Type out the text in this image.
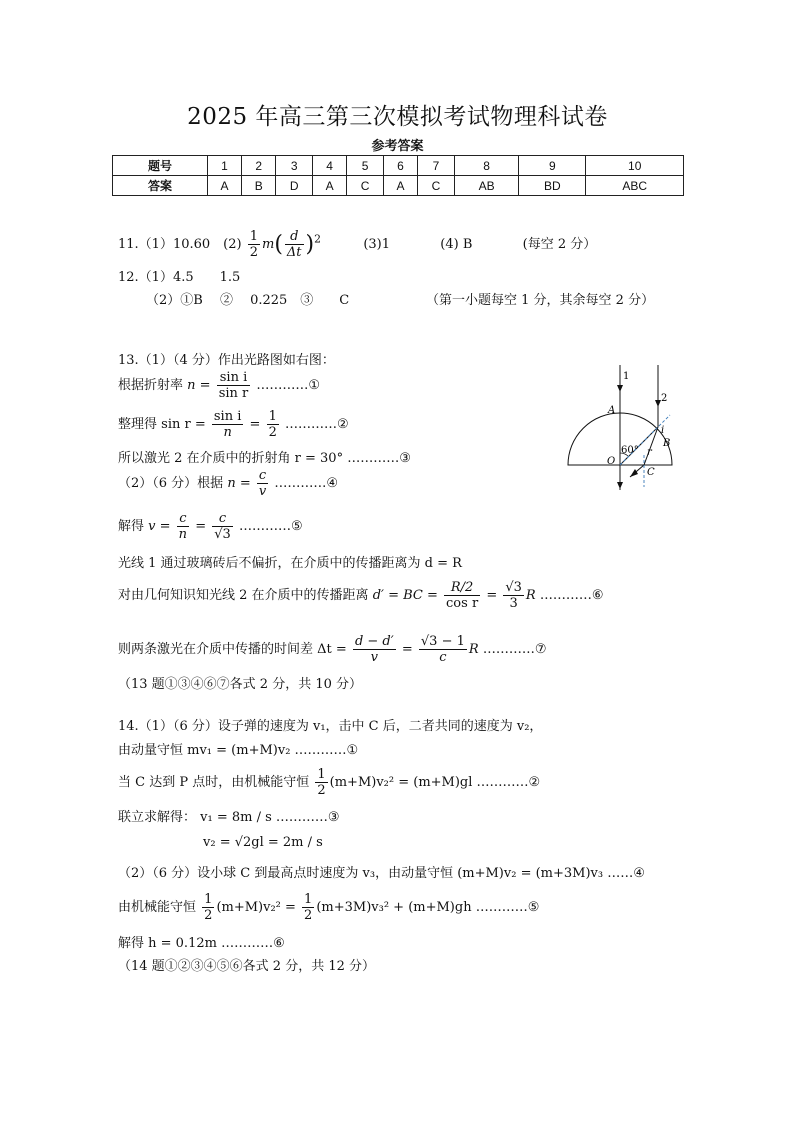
2025 年高三第三次模拟考试物理科试卷
参考答案
题号	1	2	3	4	5	6	7	8	9	10
答案	A	B	D	A	C	A	C	AB	BD	ABC
11.（1）10.60　$(2) \frac{1}{2} m( \frac{d}{\Delta t} )^2$	(3)1	(4) B	(每空 2 分）
12.（1）4.5　　1.5
（2）①B　 ②　 0.225　③　　C	（第一小题每空 1 分，其余每空 2 分）
13.（1）（4 分）作出光路图如右图：
根据折射率 $n = \frac{\text{sin i}}{\text{sin r}}$ …………①
整理得 $\sin r = \frac{\text{sin i}}{n} = \frac{1}{2}$ …………②
所以激光 2 在介质中的折射角 r = 30° …………③
（2）（6 分）根据 $n = \frac{c}{v}$ …………④
解得 $v = \frac{c}{n} = \frac{c}{√3}$ …………⑤
光线 1 通过玻璃砖后不偏折，在介质中的传播距离为 d = R
对由几何知识知光线 2 在介质中的传播距离 d′ = BC = $\frac{R/2}{\text{cos r}} = \frac{√3}{3}$ R …………⑥
则两条激光在介质中传播的时间差 $\Delta t = \frac{d - d'}{v} = \frac{√3 - 1}{c}$ R …………⑦
（13 题①③④⑥⑦各式 2 分，共 10 分）
1
2
A
B
C
O
60°
i
r
14.（1）（6 分）设子弹的速度为 v₁，击中 C 后，二者共同的速度为 v₂，
由动量守恒 mv₁ = (m+M)v₂ …………①
当 C 达到 P 点时，由机械能守恒 $\frac{1}{2} (m+M)v_2^2 = (m+M)gl$ …………②
联立求解得： v₁ = 8m / s …………③
v₂ = √2gl = 2m / s
（2）（6 分）设小球 C 到最高点时速度为 v₃，由动量守恒 (m+M)v₂ = (m+3M)v₃ ……④
由机械能守恒 $\frac{1}{2} (m+M)v_2^2 = \frac{1}{2} (m+3M)v_3^2 + (m+M)gh$ …………⑤
解得 h = 0.12m …………⑥
（14 题①②③④⑤⑥各式 2 分，共 12 分）
